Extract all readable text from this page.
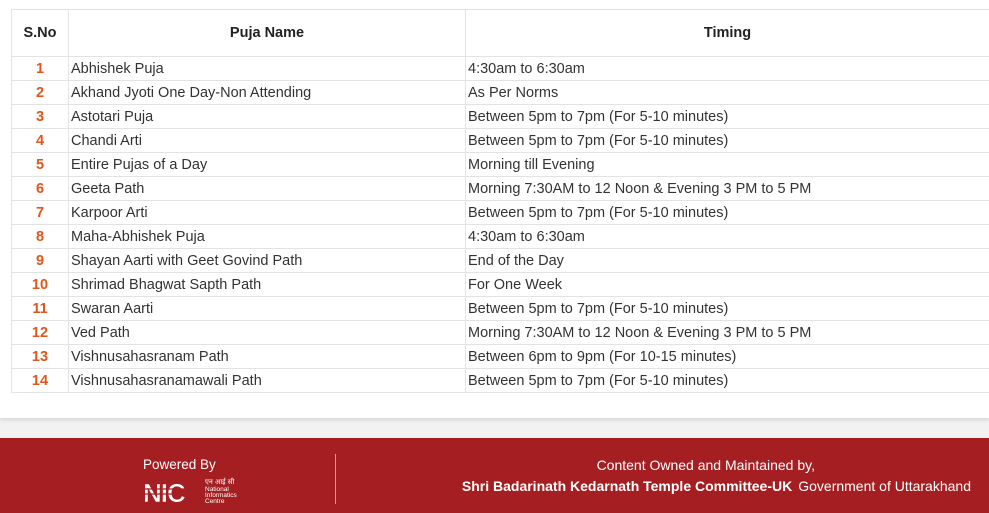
S.No	Puja Name	Timing
1	Abhishek Puja	4:30am to 6:30am
2	Akhand Jyoti One Day-Non Attending	As Per Norms
3	Astotari Puja	Between 5pm to 7pm (For 5-10 minutes)
4	Chandi Arti	Between 5pm to 7pm (For 5-10 minutes)
5	Entire Pujas of a Day	Morning till Evening
6	Geeta Path	Morning 7:30AM to 12 Noon & Evening 3 PM to 5 PM
7	Karpoor Arti	Between 5pm to 7pm (For 5-10 minutes)
8	Maha-Abhishek Puja	4:30am to 6:30am
9	Shayan Aarti with Geet Govind Path	End of the Day
10	Shrimad Bhagwat Sapth Path	For One Week
11	Swaran Aarti	Between 5pm to 7pm (For 5-10 minutes)
12	Ved Path	Morning 7:30AM to 12 Noon & Evening 3 PM to 5 PM
13	Vishnusahasranam Path	Between 6pm to 9pm (For 10-15 minutes)
14	Vishnusahasranamawali Path	Between 5pm to 7pm (For 5-10 minutes)
Powered By
एन आई सी
NIC	National
Informatics
Centre
Content Owned and Maintained by,
Shri Badarinath Kedarnath Temple Committee-UK Government of Uttarakhand
